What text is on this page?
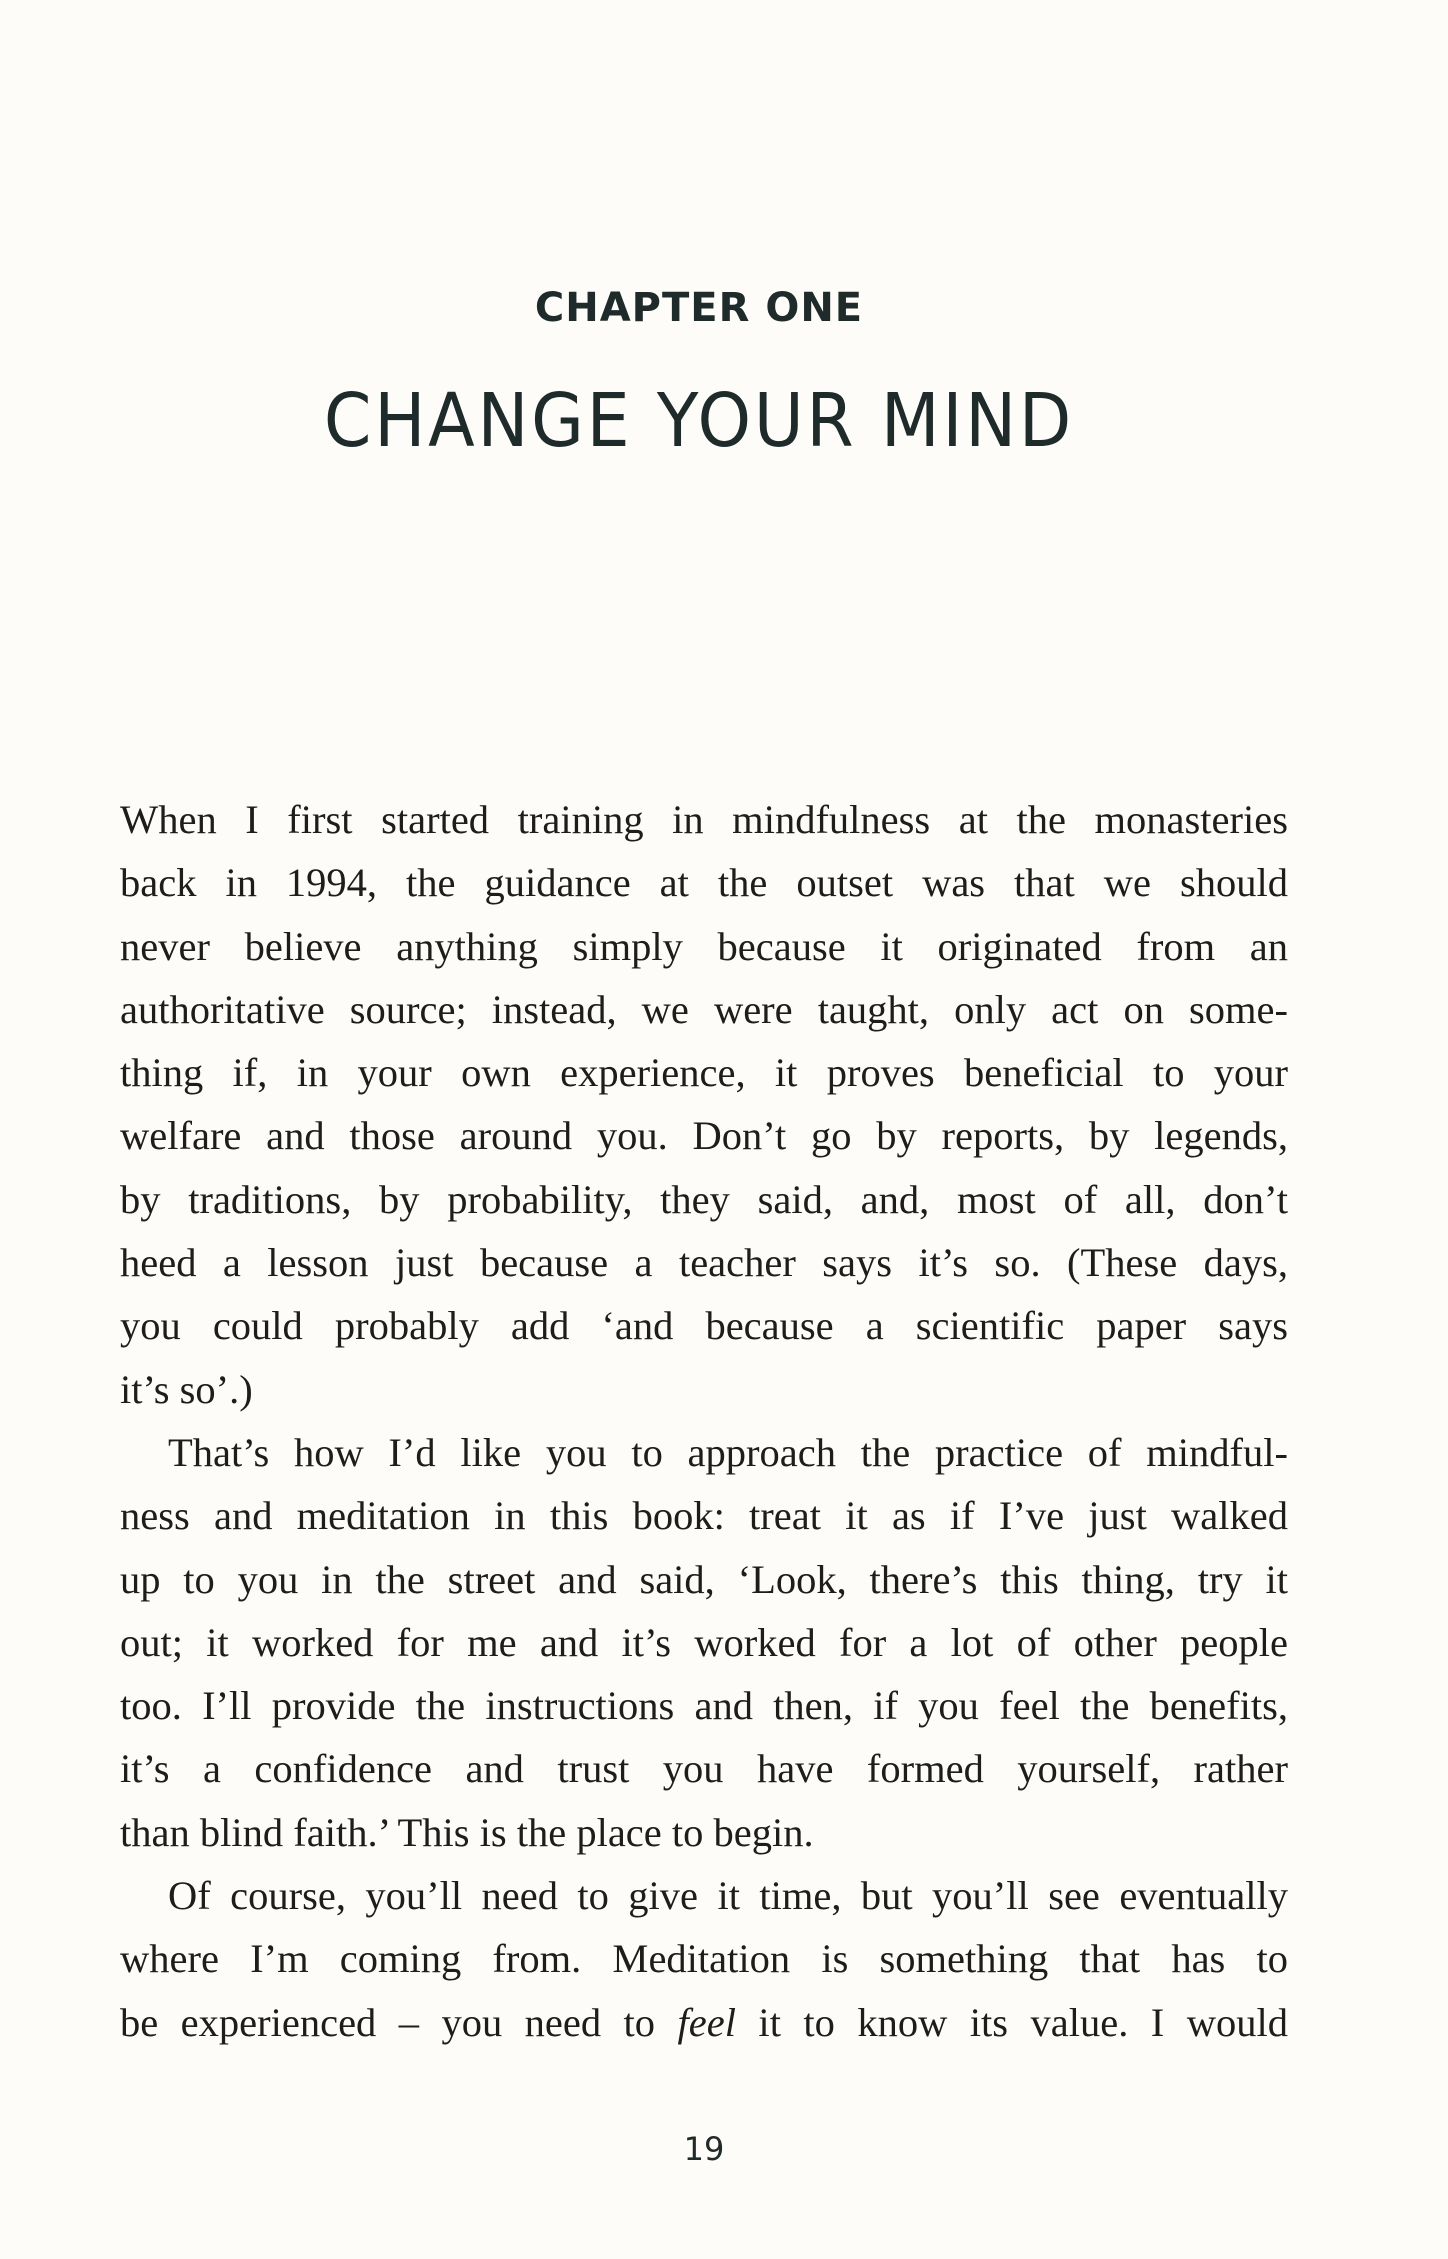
CHAPTER ONE
CHANGE YOUR MIND
When I first started training in mindfulness at the monasteries
back in 1994, the guidance at the outset was that we should
never believe anything simply because it originated from an
authoritative source; instead, we were taught, only act on some-
thing if, in your own experience, it proves beneficial to your
welfare and those around you. Don’t go by reports, by legends,
by traditions, by probability, they said, and, most of all, don’t
heed a lesson just because a teacher says it’s so. (These days,
you could probably add ‘and because a scientific paper says
it’s so’.)
That’s how I’d like you to approach the practice of mindful-
ness and meditation in this book: treat it as if I’ve just walked
up to you in the street and said, ‘Look, there’s this thing, try it
out; it worked for me and it’s worked for a lot of other people
too. I’ll provide the instructions and then, if you feel the benefits,
it’s a confidence and trust you have formed yourself, rather
than blind faith.’ This is the place to begin.
Of course, you’ll need to give it time, but you’ll see eventually
where I’m coming from. Meditation is something that has to
be experienced – you need to feel it to know its value. I would
19
